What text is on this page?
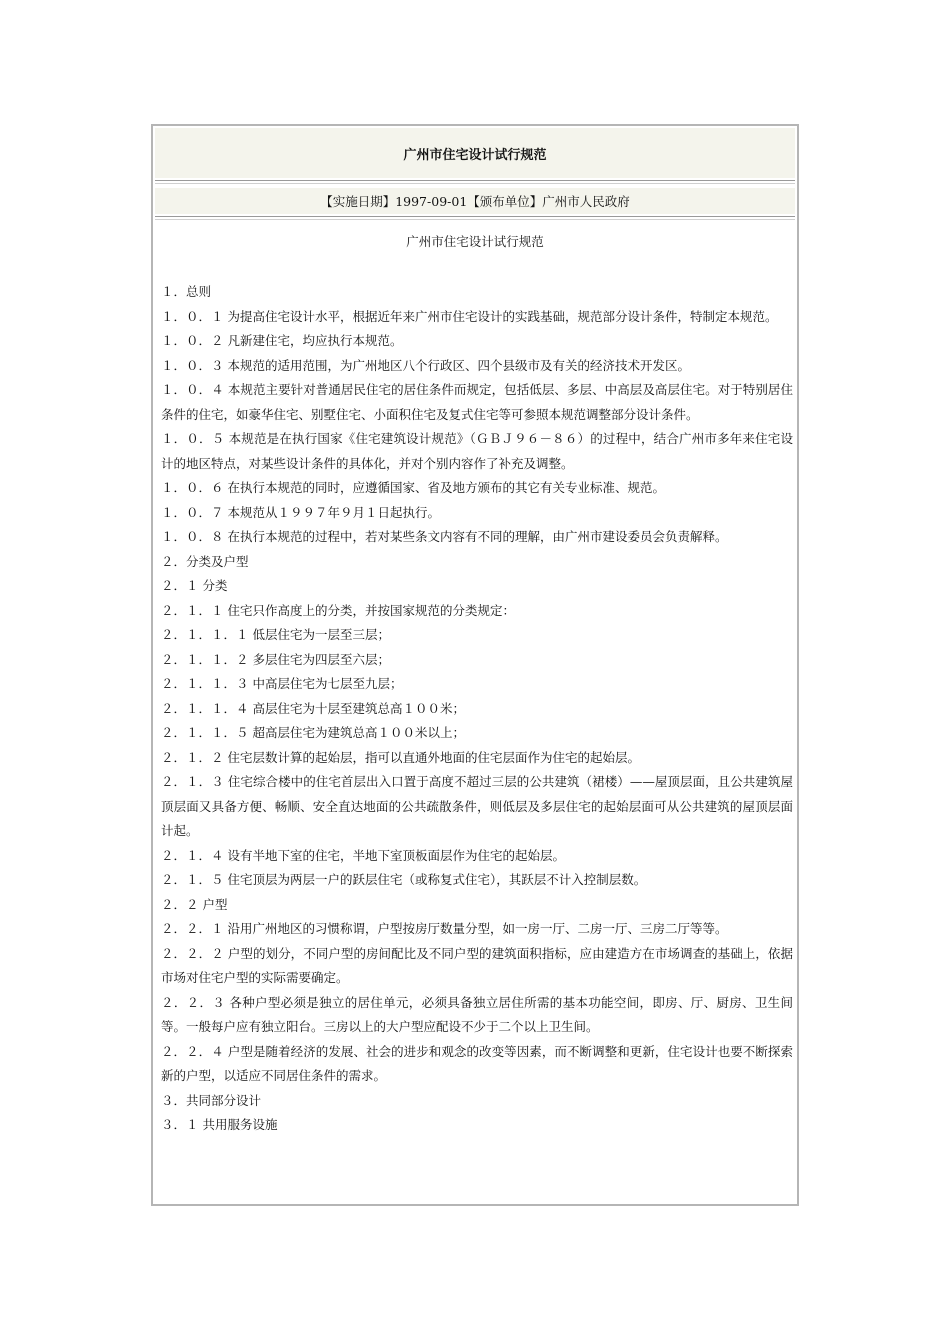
广州市住宅设计试行规范
【实施日期】1997-09-01【颁布单位】广州市人民政府
广州市住宅设计试行规范

１．总则

１．０．１ 为提高住宅设计水平，根据近年来广州市住宅设计的实践基础，规范部分设计条件，特制定本规范。

１．０．２ 凡新建住宅，均应执行本规范。

１．０．３ 本规范的适用范围，为广州地区八个行政区、四个县级市及有关的经济技术开发区。

１．０．４ 本规范主要针对普通居民住宅的居住条件而规定，包括低层、多层、中高层及高层住宅。对于特别居住条件的住宅，如豪华住宅、别墅住宅、小面积住宅及复式住宅等可参照本规范调整部分设计条件。

１．０．５ 本规范是在执行国家《住宅建筑设计规范》（ＧＢＪ９６－８６）的过程中，结合广州市多年来住宅设计的地区特点，对某些设计条件的具体化，并对个别内容作了补充及调整。

１．０．６ 在执行本规范的同时，应遵循国家、省及地方颁布的其它有关专业标准、规范。

１．０．７ 本规范从１９９７年９月１日起执行。

１．０．８ 在执行本规范的过程中，若对某些条文内容有不同的理解，由广州市建设委员会负责解释。

２．分类及户型

２．１ 分类

２．１．１ 住宅只作高度上的分类，并按国家规范的分类规定：

２．１．１．１ 低层住宅为一层至三层；

２．１．１．２ 多层住宅为四层至六层；

２．１．１．３ 中高层住宅为七层至九层；

２．１．１．４ 高层住宅为十层至建筑总高１００米；

２．１．１．５ 超高层住宅为建筑总高１００米以上；

２．１．２ 住宅层数计算的起始层，指可以直通外地面的住宅层面作为住宅的起始层。

２．１．３ 住宅综合楼中的住宅首层出入口置于高度不超过三层的公共建筑（裙楼）——屋顶层面，且公共建筑屋顶层面又具备方便、畅顺、安全直达地面的公共疏散条件，则低层及多层住宅的起始层面可从公共建筑的屋顶层面计起。

２．１．４ 设有半地下室的住宅，半地下室顶板面层作为住宅的起始层。

２．１．５ 住宅顶层为两层一户的跃层住宅（或称复式住宅），其跃层不计入控制层数。

２．２ 户型

２．２．１ 沿用广州地区的习惯称谓，户型按房厅数量分型，如一房一厅、二房一厅、三房二厅等等。

２．２．２ 户型的划分，不同户型的房间配比及不同户型的建筑面积指标，应由建造方在市场调查的基础上，依据市场对住宅户型的实际需要确定。

２．２．３ 各种户型必须是独立的居住单元，必须具备独立居住所需的基本功能空间，即房、厅、厨房、卫生间等。一般每户应有独立阳台。三房以上的大户型应配设不少于二个以上卫生间。

２．２．４ 户型是随着经济的发展、社会的进步和观念的改变等因素，而不断调整和更新，住宅设计也要不断探索新的户型，以适应不同居住条件的需求。

３．共同部分设计

３．１ 共用服务设施
